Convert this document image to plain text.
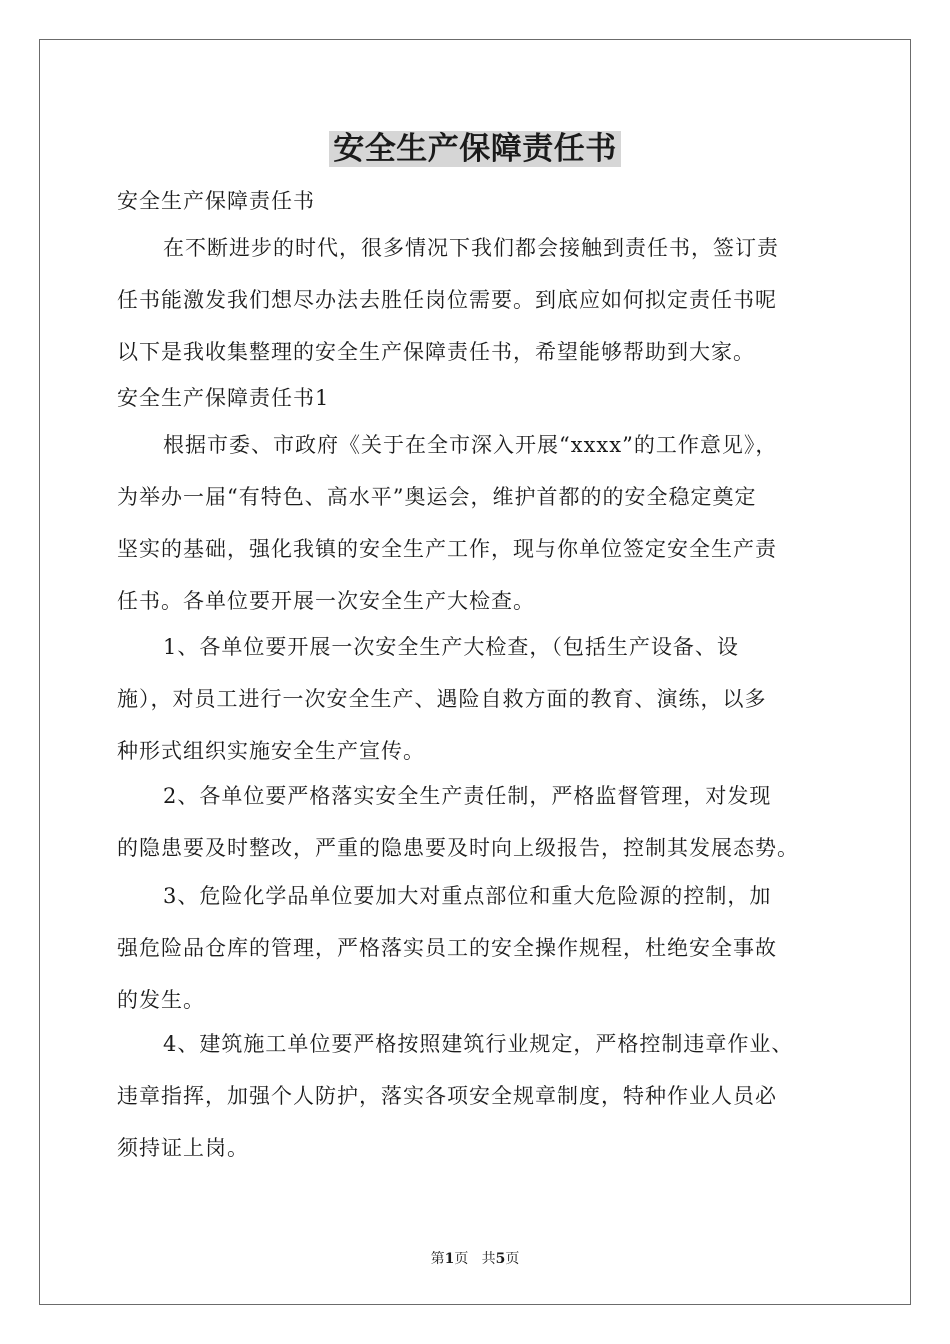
安全生产保障责任书
安全生产保障责任书
在不断进步的时代，很多情况下我们都会接触到责任书，签订责
任书能激发我们想尽办法去胜任岗位需要。到底应如何拟定责任书呢
以下是我收集整理的安全生产保障责任书，希望能够帮助到大家。
安全生产保障责任书1
根据市委、市政府《关于在全市深入开展“xxxx”的工作意见》，
为举办一届“有特色、高水平”奥运会，维护首都的的安全稳定奠定
坚实的基础，强化我镇的安全生产工作，现与你单位签定安全生产责
任书。各单位要开展一次安全生产大检查。
1、各单位要开展一次安全生产大检查，（包括生产设备、设
施），对员工进行一次安全生产、遇险自救方面的教育、演练，以多
种形式组织实施安全生产宣传。
2、各单位要严格落实安全生产责任制，严格监督管理，对发现
的隐患要及时整改，严重的隐患要及时向上级报告，控制其发展态势。
3、危险化学品单位要加大对重点部位和重大危险源的控制，加
强危险品仓库的管理，严格落实员工的安全操作规程，杜绝安全事故
的发生。
4、建筑施工单位要严格按照建筑行业规定，严格控制违章作业、
违章指挥，加强个人防护，落实各项安全规章制度，特种作业人员必
须持证上岗。
第1页 共5页
